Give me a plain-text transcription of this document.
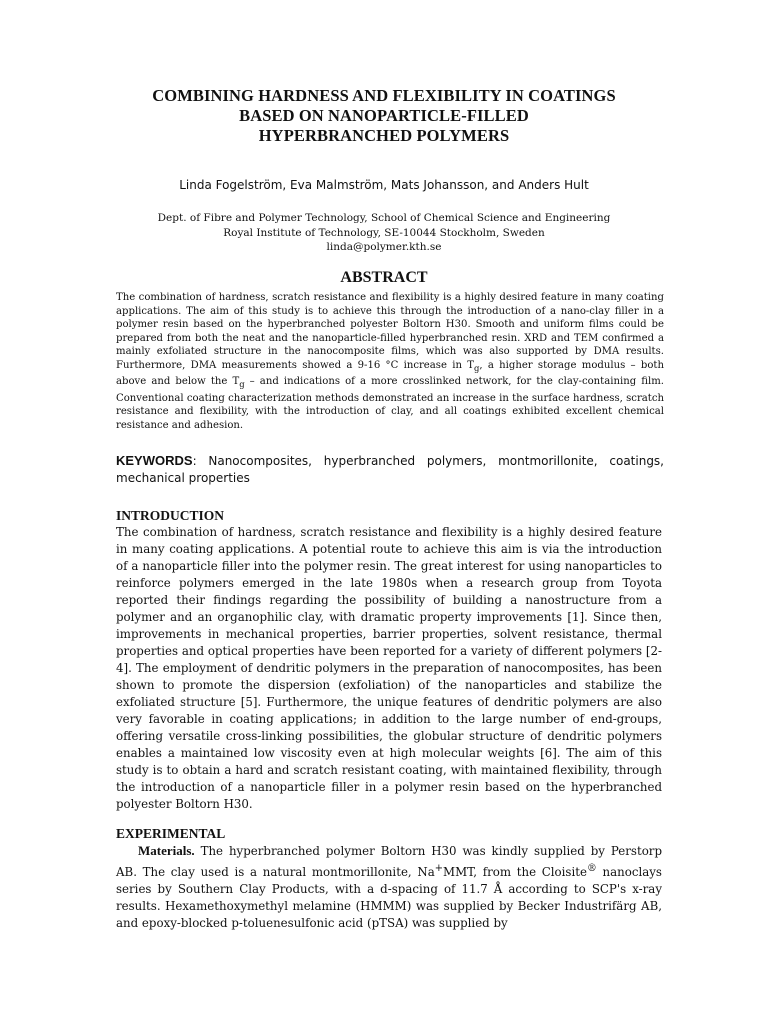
COMBINING HARDNESS AND FLEXIBILITY IN COATINGS
BASED ON NANOPARTICLE-FILLED
HYPERBRANCHED POLYMERS

Linda Fogelström, Eva Malmström, Mats Johansson, and Anders Hult

Dept. of Fibre and Polymer Technology, School of Chemical Science and Engineering
Royal Institute of Technology, SE-10044 Stockholm, Sweden
linda@polymer.kth.se

ABSTRACT

The combination of hardness, scratch resistance and flexibility is a highly desired feature in many coating applications. The aim of this study is to achieve this through the introduction of a nano-clay filler in a polymer resin based on the hyperbranched polyester Boltorn H30. Smooth and uniform films could be prepared from both the neat and the nanoparticle-filled hyperbranched resin. XRD and TEM confirmed a mainly exfoliated structure in the nanocomposite films, which was also supported by DMA results. Furthermore, DMA measurements showed a 9-16 °C increase in $T_g$, a higher storage modulus – both above and below the $T_g$ – and indications of a more crosslinked network, for the clay-containing film. Conventional coating characterization methods demonstrated an increase in the surface hardness, scratch resistance and flexibility, with the introduction of clay, and all coatings exhibited excellent chemical resistance and adhesion.

KEYWORDS: Nanocomposites, hyperbranched polymers, montmorillonite, coatings, mechanical properties

INTRODUCTION

The combination of hardness, scratch resistance and flexibility is a highly desired feature in many coating applications. A potential route to achieve this aim is via the introduction of a nanoparticle filler into the polymer resin. The great interest for using nanoparticles to reinforce polymers emerged in the late 1980s when a research group from Toyota reported their findings regarding the possibility of building a nanostructure from a polymer and an organophilic clay, with dramatic property improvements [1]. Since then, improvements in mechanical properties, barrier properties, solvent resistance, thermal properties and optical properties have been reported for a variety of different polymers [2-4]. The employment of dendritic polymers in the preparation of nanocomposites, has been shown to promote the dispersion (exfoliation) of the nanoparticles and stabilize the exfoliated structure [5]. Furthermore, the unique features of dendritic polymers are also very favorable in coating applications; in addition to the large number of end-groups, offering versatile cross-linking possibilities, the globular structure of dendritic polymers enables a maintained low viscosity even at high molecular weights [6]. The aim of this study is to obtain a hard and scratch resistant coating, with maintained flexibility, through the introduction of a nanoparticle filler in a polymer resin based on the hyperbranched polyester Boltorn H30.

EXPERIMENTAL

Materials. The hyperbranched polymer Boltorn H30 was kindly supplied by Perstorp AB. The clay used is a natural montmorillonite, Na+MMT, from the Cloisite® nanoclays series by Southern Clay Products, with a d-spacing of 11.7 Å according to SCP's x-ray results. Hexamethoxymethyl melamine (HMMM) was supplied by Becker Industrifärg AB, and epoxy-blocked p-toluenesulfonic acid (pTSA) was supplied by
